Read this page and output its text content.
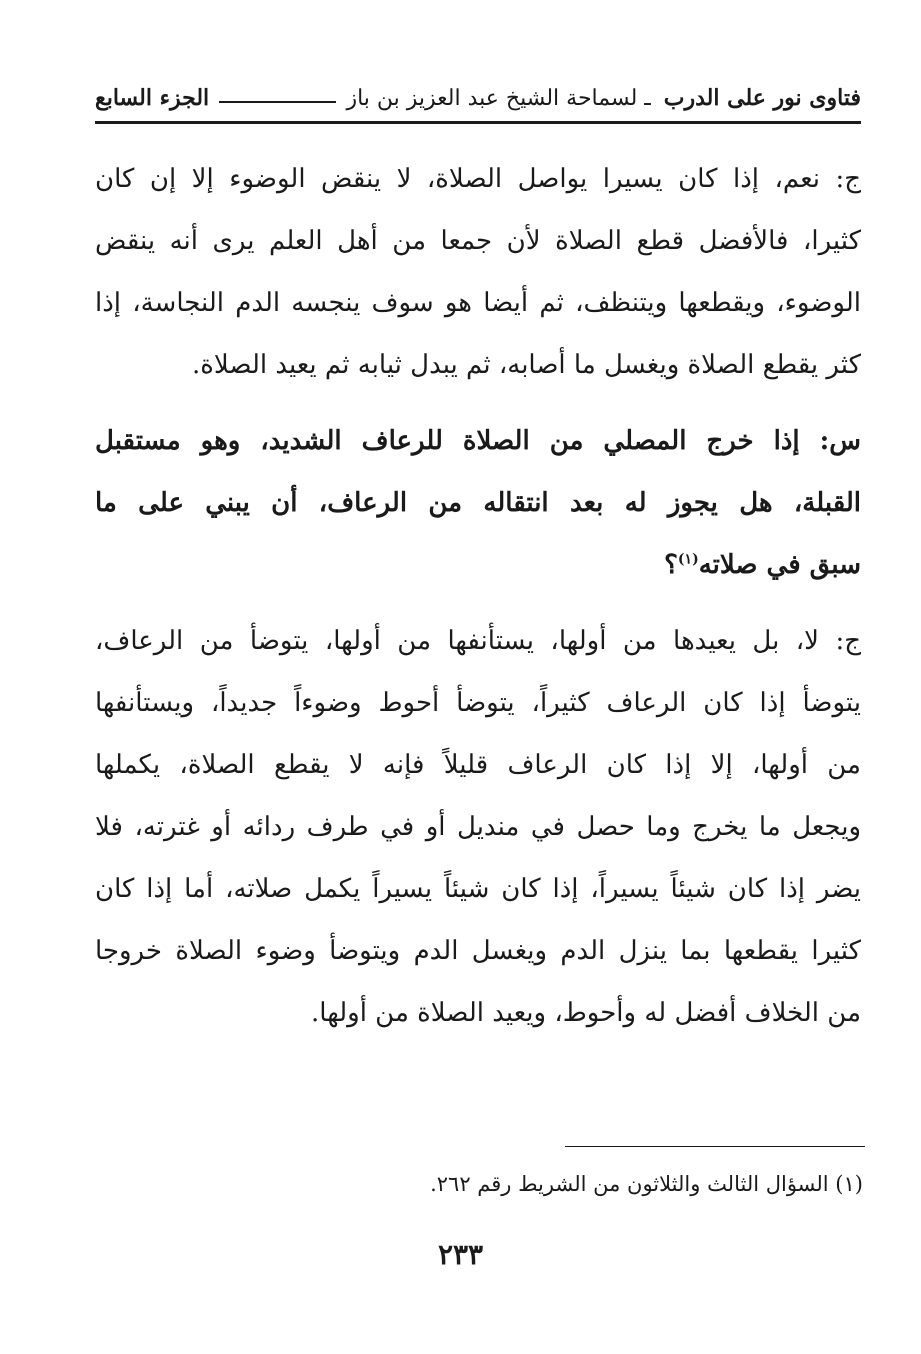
فتاوى نور على الدرب ـ لسماحة الشيخ عبد العزيز بن باز
الجزء السابع
ج: نعم، إذا كان يسيرا يواصل الصلاة، لا ينقض الوضوء إلا إن كان
كثيرا، فالأفضل قطع الصلاة لأن جمعا من أهل العلم يرى أنه ينقض
الوضوء، ويقطعها ويتنظف، ثم أيضا هو سوف ينجسه الدم النجاسة، إذا
كثر يقطع الصلاة ويغسل ما أصابه، ثم يبدل ثيابه ثم يعيد الصلاة.
س: إذا خرج المصلي من الصلاة للرعاف الشديد، وهو مستقبل
القبلة، هل يجوز له بعد انتقاله من الرعاف، أن يبني على ما
سبق في صلاته$^{(١)}$؟
ج: لا، بل يعيدها من أولها، يستأنفها من أولها، يتوضأ من الرعاف،
يتوضأ إذا كان الرعاف كثيراً، يتوضأ أحوط وضوءاً جديداً، ويستأنفها
من أولها، إلا إذا كان الرعاف قليلاً فإنه لا يقطع الصلاة، يكملها
ويجعل ما يخرج وما حصل في منديل أو في طرف ردائه أو غترته، فلا
يضر إذا كان شيئاً يسيراً، إذا كان شيئاً يسيراً يكمل صلاته، أما إذا كان
كثيرا يقطعها بما ينزل الدم ويغسل الدم ويتوضأ وضوء الصلاة خروجا
من الخلاف أفضل له وأحوط، ويعيد الصلاة من أولها.
(١) السؤال الثالث والثلاثون من الشريط رقم ٢٦٢.
٢٣٣
